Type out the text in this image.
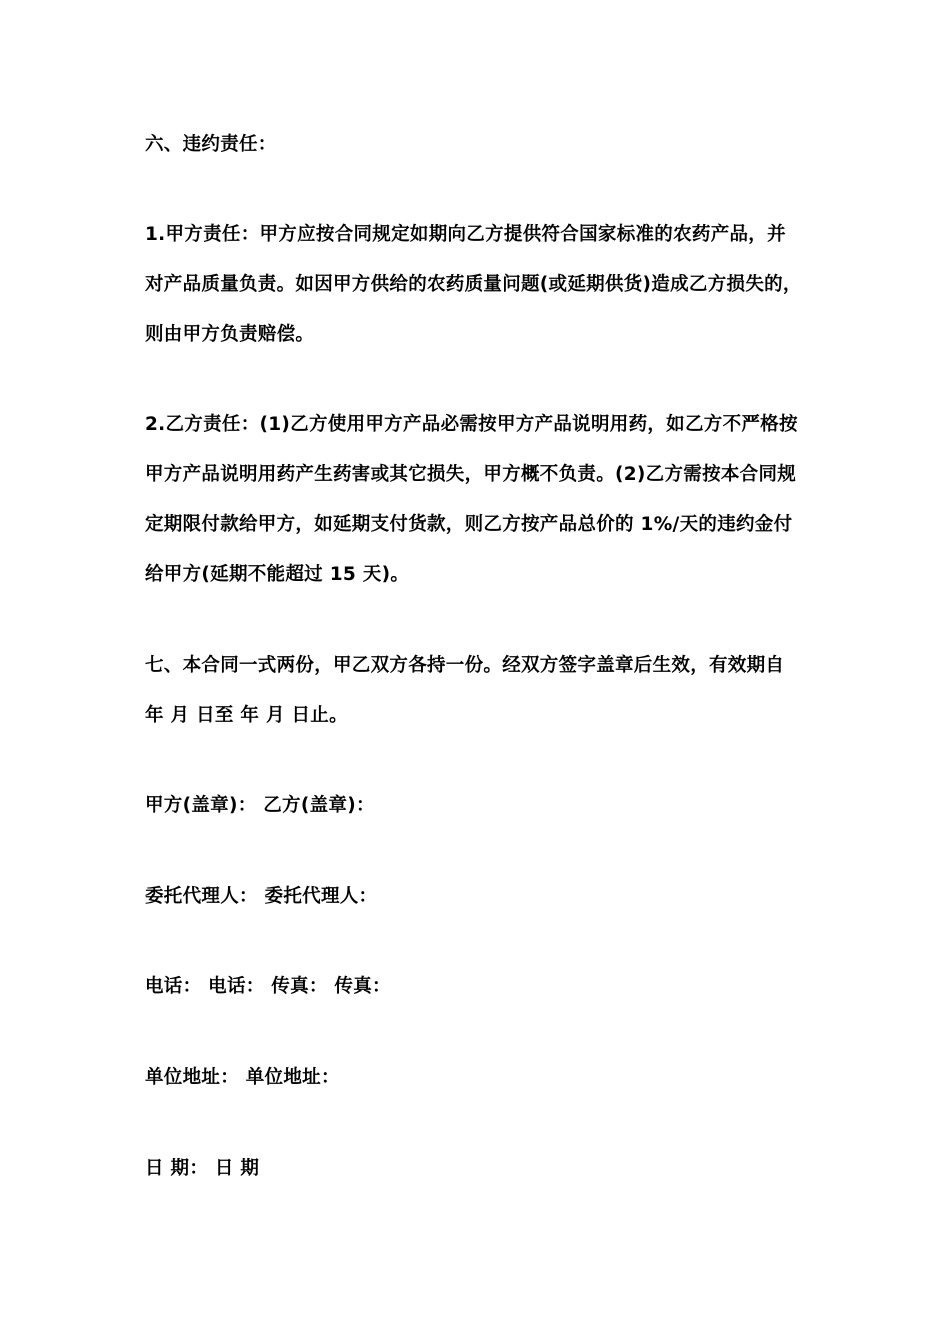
六、违约责任：
1.甲方责任：甲方应按合同规定如期向乙方提供符合国家标准的农药产品，并
对产品质量负责。如因甲方供给的农药质量问题(或延期供货)造成乙方损失的，
则由甲方负责赔偿。
2.乙方责任：(1)乙方使用甲方产品必需按甲方产品说明用药，如乙方不严格按
甲方产品说明用药产生药害或其它损失，甲方概不负责。(2)乙方需按本合同规
定期限付款给甲方，如延期支付货款，则乙方按产品总价的 1%/天的违约金付
给甲方(延期不能超过 15 天)。
七、本合同一式两份，甲乙双方各持一份。经双方签字盖章后生效，有效期自
年 月 日至 年 月 日止。
甲方(盖章)： 乙方(盖章)：
委托代理人： 委托代理人：
电话： 电话： 传真： 传真：
单位地址： 单位地址：
日 期： 日 期
